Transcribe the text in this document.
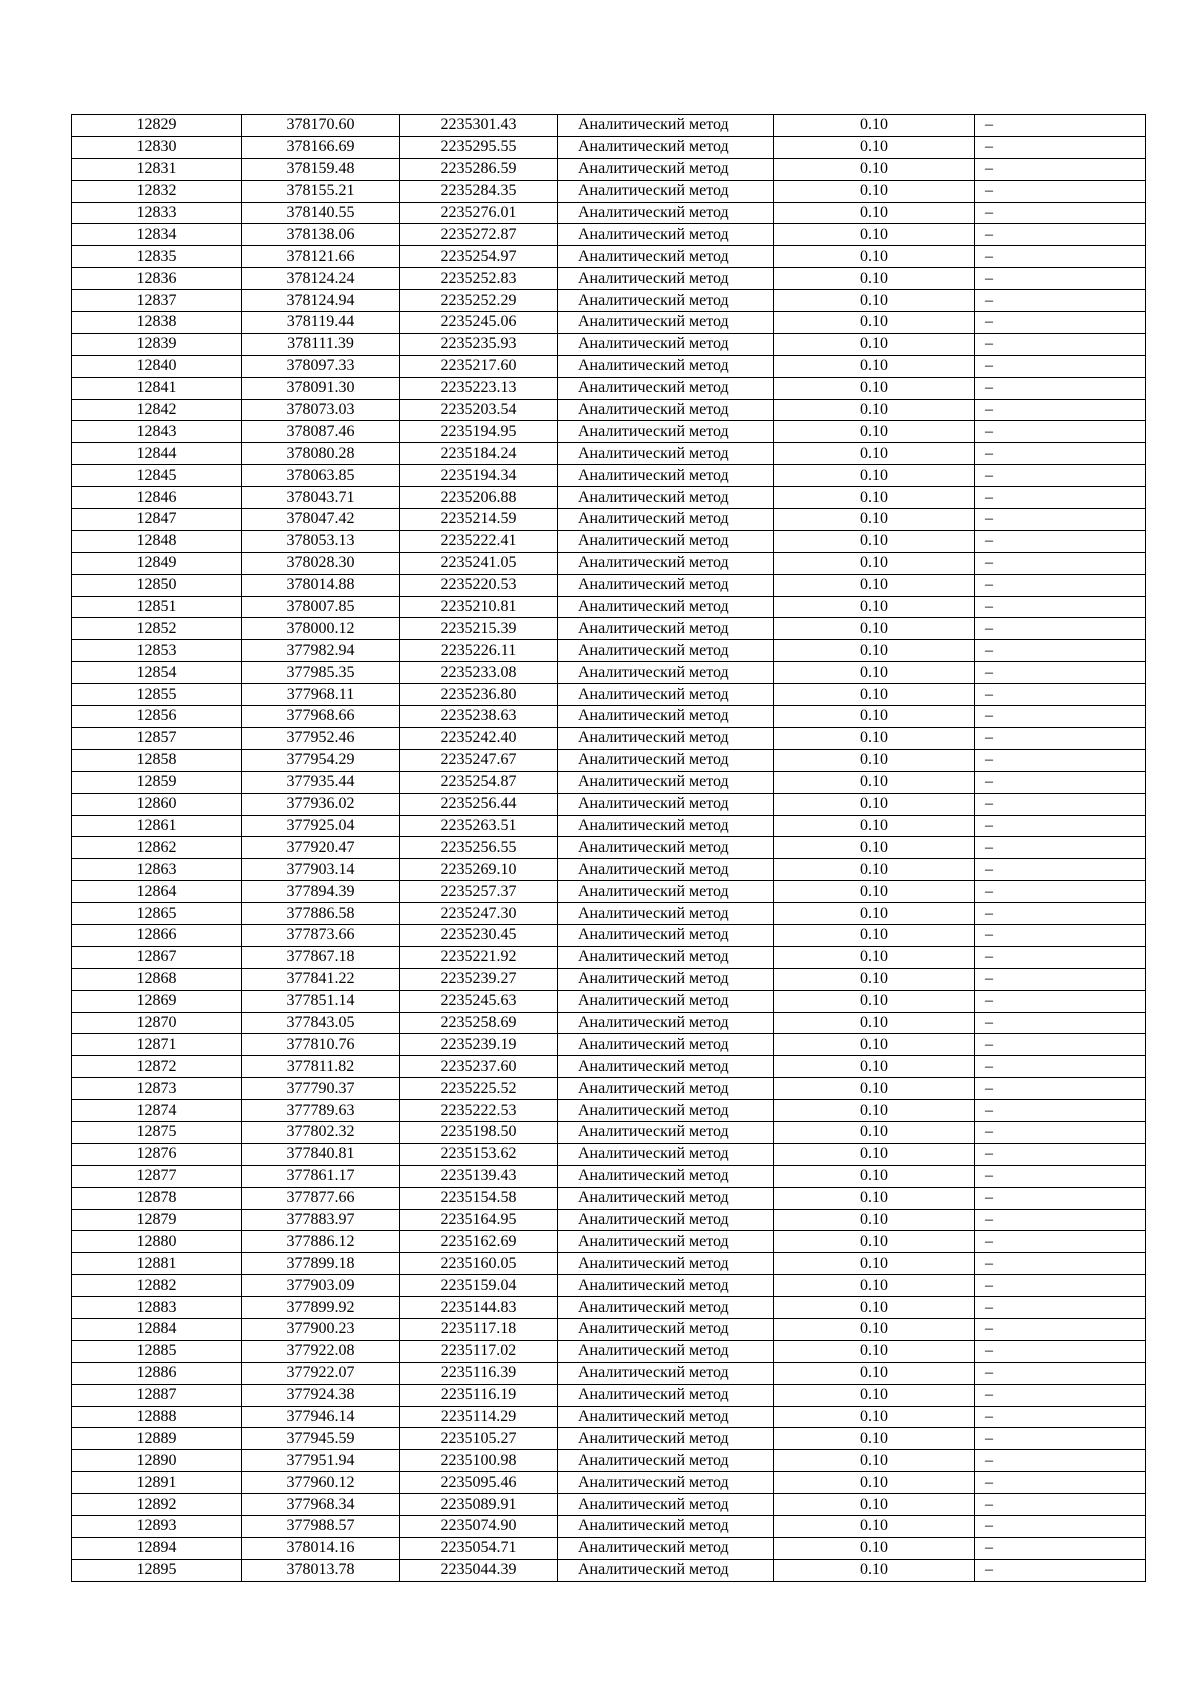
12829	378170.60	2235301.43	Аналитический метод	0.10	–
12830	378166.69	2235295.55	Аналитический метод	0.10	–
12831	378159.48	2235286.59	Аналитический метод	0.10	–
12832	378155.21	2235284.35	Аналитический метод	0.10	–
12833	378140.55	2235276.01	Аналитический метод	0.10	–
12834	378138.06	2235272.87	Аналитический метод	0.10	–
12835	378121.66	2235254.97	Аналитический метод	0.10	–
12836	378124.24	2235252.83	Аналитический метод	0.10	–
12837	378124.94	2235252.29	Аналитический метод	0.10	–
12838	378119.44	2235245.06	Аналитический метод	0.10	–
12839	378111.39	2235235.93	Аналитический метод	0.10	–
12840	378097.33	2235217.60	Аналитический метод	0.10	–
12841	378091.30	2235223.13	Аналитический метод	0.10	–
12842	378073.03	2235203.54	Аналитический метод	0.10	–
12843	378087.46	2235194.95	Аналитический метод	0.10	–
12844	378080.28	2235184.24	Аналитический метод	0.10	–
12845	378063.85	2235194.34	Аналитический метод	0.10	–
12846	378043.71	2235206.88	Аналитический метод	0.10	–
12847	378047.42	2235214.59	Аналитический метод	0.10	–
12848	378053.13	2235222.41	Аналитический метод	0.10	–
12849	378028.30	2235241.05	Аналитический метод	0.10	–
12850	378014.88	2235220.53	Аналитический метод	0.10	–
12851	378007.85	2235210.81	Аналитический метод	0.10	–
12852	378000.12	2235215.39	Аналитический метод	0.10	–
12853	377982.94	2235226.11	Аналитический метод	0.10	–
12854	377985.35	2235233.08	Аналитический метод	0.10	–
12855	377968.11	2235236.80	Аналитический метод	0.10	–
12856	377968.66	2235238.63	Аналитический метод	0.10	–
12857	377952.46	2235242.40	Аналитический метод	0.10	–
12858	377954.29	2235247.67	Аналитический метод	0.10	–
12859	377935.44	2235254.87	Аналитический метод	0.10	–
12860	377936.02	2235256.44	Аналитический метод	0.10	–
12861	377925.04	2235263.51	Аналитический метод	0.10	–
12862	377920.47	2235256.55	Аналитический метод	0.10	–
12863	377903.14	2235269.10	Аналитический метод	0.10	–
12864	377894.39	2235257.37	Аналитический метод	0.10	–
12865	377886.58	2235247.30	Аналитический метод	0.10	–
12866	377873.66	2235230.45	Аналитический метод	0.10	–
12867	377867.18	2235221.92	Аналитический метод	0.10	–
12868	377841.22	2235239.27	Аналитический метод	0.10	–
12869	377851.14	2235245.63	Аналитический метод	0.10	–
12870	377843.05	2235258.69	Аналитический метод	0.10	–
12871	377810.76	2235239.19	Аналитический метод	0.10	–
12872	377811.82	2235237.60	Аналитический метод	0.10	–
12873	377790.37	2235225.52	Аналитический метод	0.10	–
12874	377789.63	2235222.53	Аналитический метод	0.10	–
12875	377802.32	2235198.50	Аналитический метод	0.10	–
12876	377840.81	2235153.62	Аналитический метод	0.10	–
12877	377861.17	2235139.43	Аналитический метод	0.10	–
12878	377877.66	2235154.58	Аналитический метод	0.10	–
12879	377883.97	2235164.95	Аналитический метод	0.10	–
12880	377886.12	2235162.69	Аналитический метод	0.10	–
12881	377899.18	2235160.05	Аналитический метод	0.10	–
12882	377903.09	2235159.04	Аналитический метод	0.10	–
12883	377899.92	2235144.83	Аналитический метод	0.10	–
12884	377900.23	2235117.18	Аналитический метод	0.10	–
12885	377922.08	2235117.02	Аналитический метод	0.10	–
12886	377922.07	2235116.39	Аналитический метод	0.10	–
12887	377924.38	2235116.19	Аналитический метод	0.10	–
12888	377946.14	2235114.29	Аналитический метод	0.10	–
12889	377945.59	2235105.27	Аналитический метод	0.10	–
12890	377951.94	2235100.98	Аналитический метод	0.10	–
12891	377960.12	2235095.46	Аналитический метод	0.10	–
12892	377968.34	2235089.91	Аналитический метод	0.10	–
12893	377988.57	2235074.90	Аналитический метод	0.10	–
12894	378014.16	2235054.71	Аналитический метод	0.10	–
12895	378013.78	2235044.39	Аналитический метод	0.10	–
